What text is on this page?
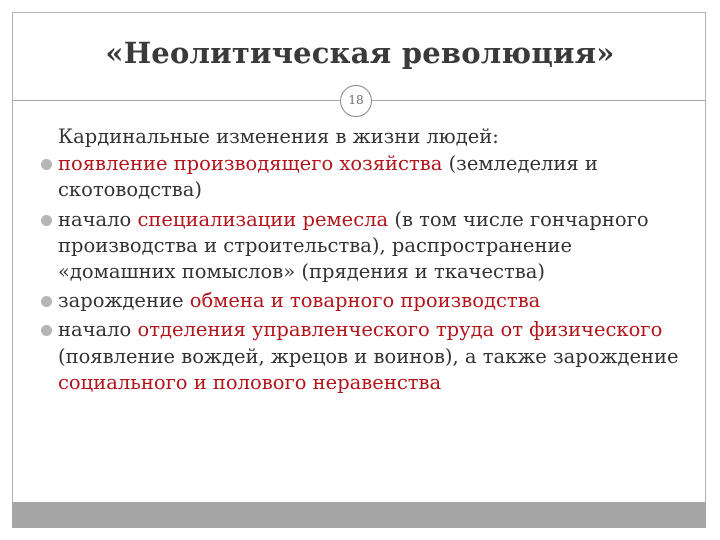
«Неолитическая революция»
18

Кардинальные изменения в жизни людей:

появление производящего хозяйства (земледелия и скотоводства)
начало специализации ремесла (в том числе гончарного производства и строительства), распространение «домашних помыслов» (прядения и ткачества)
зарождение обмена и товарного производства
начало отделения управленческого труда от физического (появление вождей, жрецов и воинов), а также зарождение социального и полового неравенства
